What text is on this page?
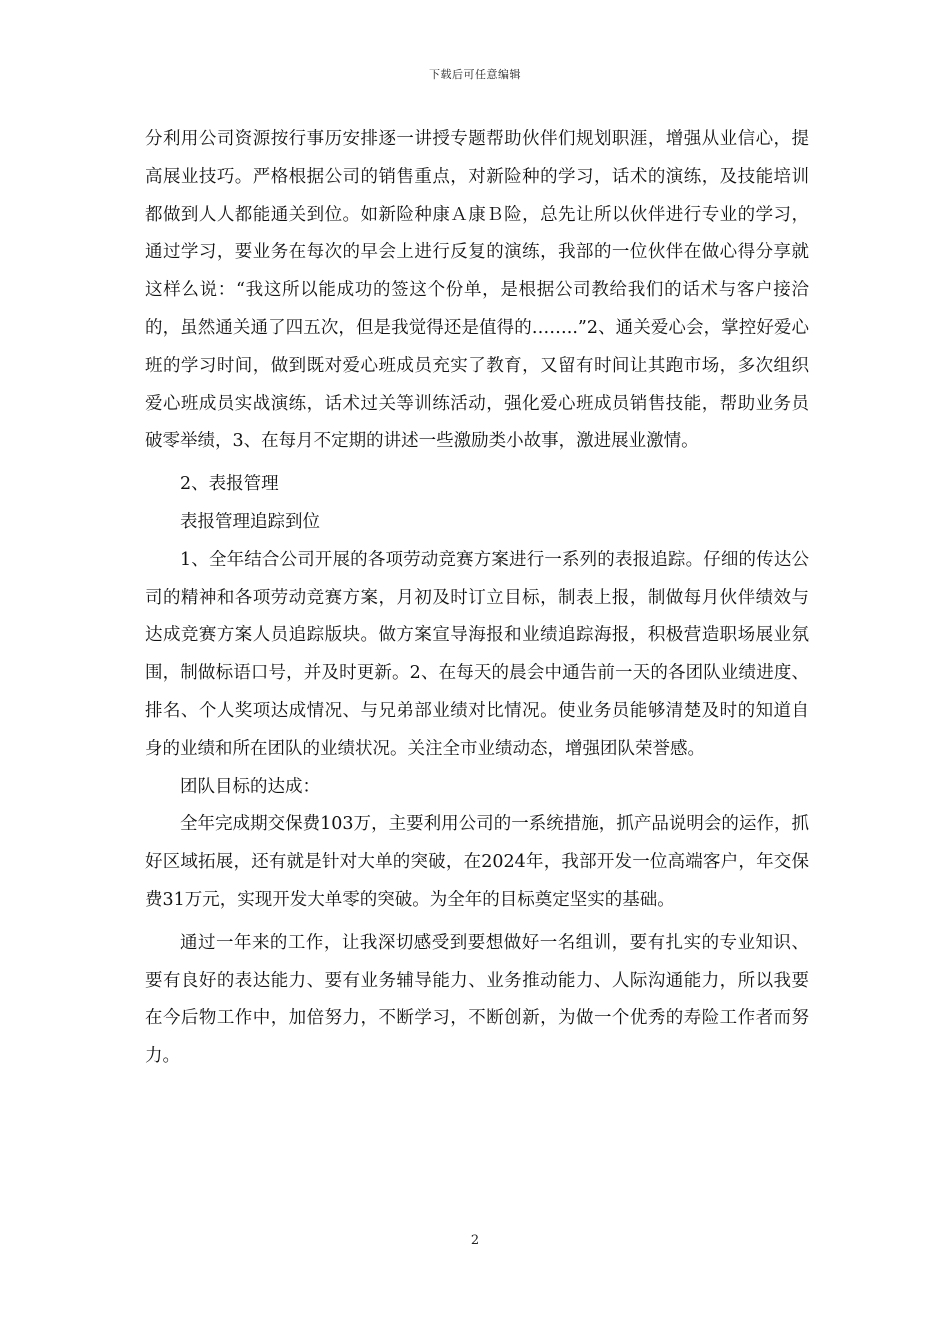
下载后可任意编辑

分利用公司资源按行事历安排逐一讲授专题帮助伙伴们规划职涯，增强从业信心，提高展业技巧。严格根据公司的销售重点，对新险种的学习，话术的演练，及技能培训都做到人人都能通关到位。如新险种康Ａ康Ｂ险，总先让所以伙伴进行专业的学习，通过学习，要业务在每次的早会上进行反复的演练，我部的一位伙伴在做心得分享就这样么说：“我这所以能成功的签这个份单，是根据公司教给我们的话术与客户接洽的，虽然通关通了四五次，但是我觉得还是值得的……..”2、通关爱心会，掌控好爱心班的学习时间，做到既对爱心班成员充实了教育，又留有时间让其跑市场，多次组织爱心班成员实战演练，话术过关等训练活动，强化爱心班成员销售技能，帮助业务员破零举绩，3、在每月不定期的讲述一些激励类小故事，激进展业激情。

2、表报管理

表报管理追踪到位

1、全年结合公司开展的各项劳动竞赛方案进行一系列的表报追踪。仔细的传达公司的精神和各项劳动竞赛方案，月初及时订立目标，制表上报，制做每月伙伴绩效与达成竞赛方案人员追踪版块。做方案宣导海报和业绩追踪海报，积极营造职场展业氛围，制做标语口号，并及时更新。2、在每天的晨会中通告前一天的各团队业绩进度、排名、个人奖项达成情况、与兄弟部业绩对比情况。使业务员能够清楚及时的知道自身的业绩和所在团队的业绩状况。关注全市业绩动态，增强团队荣誉感。

团队目标的达成：

全年完成期交保费103万，主要利用公司的一系统措施，抓产品说明会的运作，抓好区域拓展，还有就是针对大单的突破，在2024年，我部开发一位高端客户，年交保费31万元，实现开发大单零的突破。为全年的目标奠定坚实的基础。

通过一年来的工作，让我深切感受到要想做好一名组训，要有扎实的专业知识、要有良好的表达能力、要有业务辅导能力、业务推动能力、人际沟通能力，所以我要在今后物工作中，加倍努力，不断学习，不断创新，为做一个优秀的寿险工作者而努力。

2
